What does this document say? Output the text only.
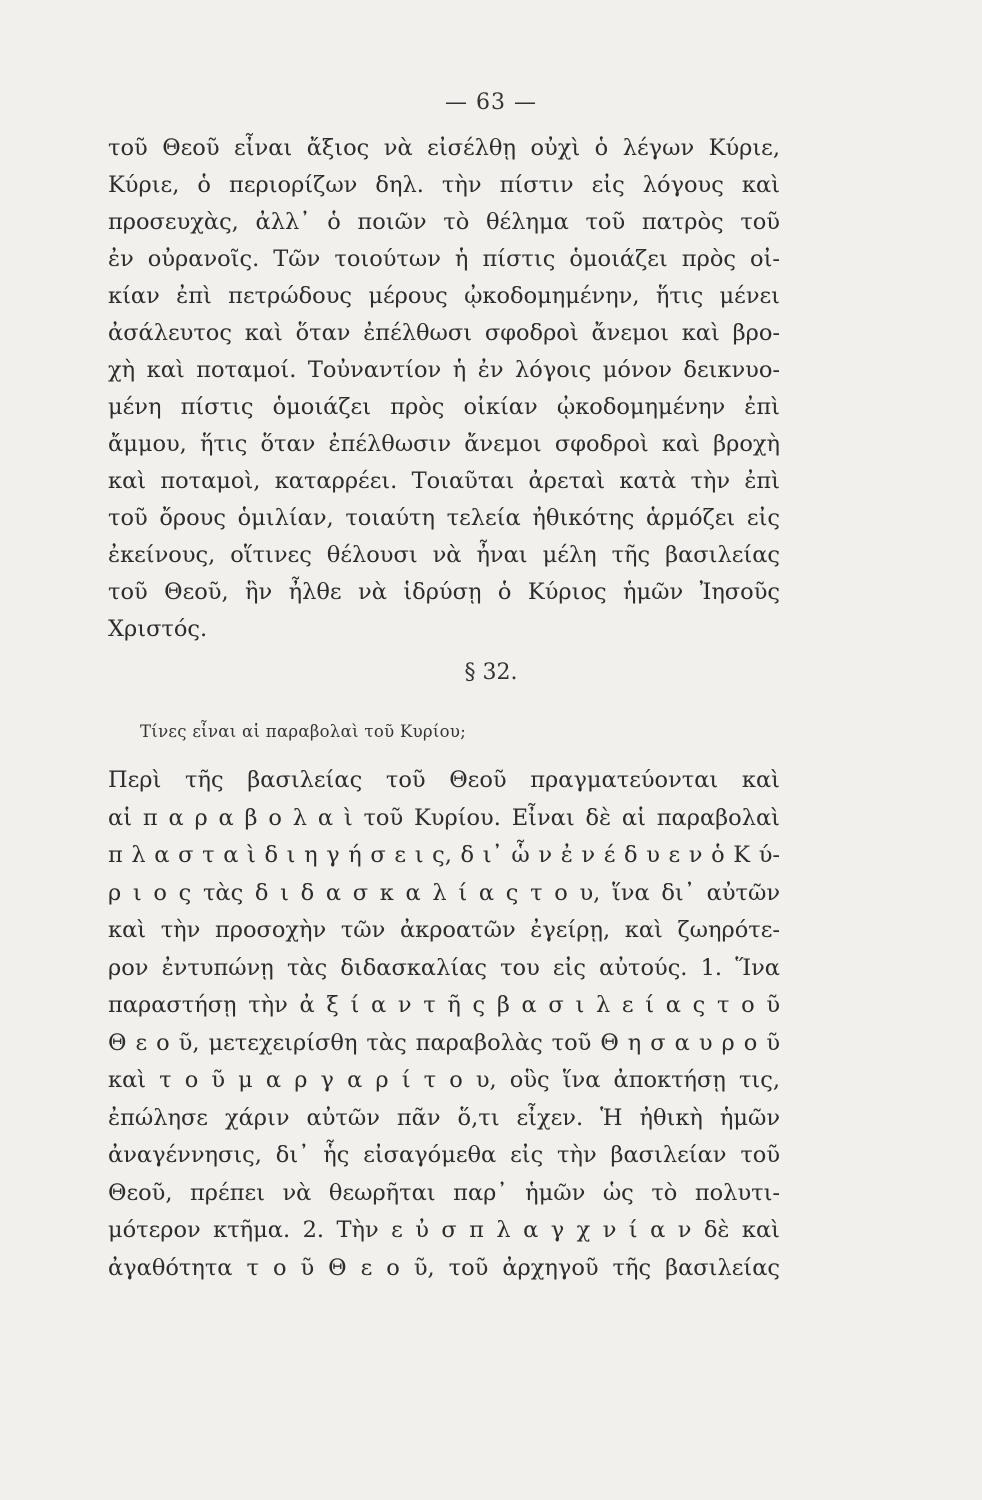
— 63 —
τοῦ Θεοῦ εἶναι ἄξιος νὰ εἰσέλθῃ οὐχὶ ὁ λέγων Κύριε,
Κύριε, ὁ περιορίζων δηλ. τὴν πίστιν εἰς λόγους καὶ
προσευχὰς, ἀλλ᾽ ὁ ποιῶν τὸ θέλημα τοῦ πατρὸς τοῦ
ἐν οὐρανοῖς. Τῶν τοιούτων ἡ πίστις ὁμοιάζει πρὸς οἰ-
κίαν ἐπὶ πετρώδους μέρους ᾠκοδομημένην, ἥτις μένει
ἀσάλευτος καὶ ὅταν ἐπέλθωσι σφοδροὶ ἄνεμοι καὶ βρο-
χὴ καὶ ποταμοί. Τοὐναντίον ἡ ἐν λόγοις μόνον δεικνυο-
μένη πίστις ὁμοιάζει πρὸς οἰκίαν ᾠκοδομημένην ἐπὶ
ἄμμου, ἥτις ὅταν ἐπέλθωσιν ἄνεμοι σφοδροὶ καὶ βροχὴ
καὶ ποταμοὶ, καταρρέει. Τοιαῦται ἀρεταὶ κατὰ τὴν ἐπὶ
τοῦ ὄρους ὁμιλίαν, τοιαύτη τελεία ἠθικότης ἁρμόζει εἰς
ἐκείνους, οἵτινες θέλουσι νὰ ἦναι μέλη τῆς βασιλείας
τοῦ Θεοῦ, ἣν ἦλθε νὰ ἱδρύσῃ ὁ Κύριος ἡμῶν Ἰησοῦς
Χριστός.
§ 32.
Τίνες εἶναι αἱ παραβολαὶ τοῦ Κυρίου;
Περὶ τῆς βασιλείας τοῦ Θεοῦ πραγματεύονται καὶ
αἱ π α ρ α β ο λ α ὶ τοῦ Κυρίου. Εἶναι δὲ αἱ παραβολαὶ
π λ α σ τ α ὶ δ ι η γ ή σ ε ι ς, δ ι᾽ ὧ ν ἐ ν έ δ υ ε ν ὁ Κ ύ-
ρ ι ο ς τὰς δ ι δ α σ κ α λ ί α ς τ ο υ, ἵνα δι᾽ αὐτῶν
καὶ τὴν προσοχὴν τῶν ἀκροατῶν ἐγείρῃ, καὶ ζωηρότε-
ρον ἐντυπώνῃ τὰς διδασκαλίας του εἰς αὐτούς. 1. Ἵνα
παραστήσῃ τὴν ἀ ξ ί α ν τ ῆ ς β α σ ι λ ε ί α ς τ ο ῦ
Θ ε ο ῦ, μετεχειρίσθη τὰς παραβολὰς τοῦ Θ η σ α υ ρ ο ῦ
καὶ τ ο ῦ μ α ρ γ α ρ ί τ ο υ, οὓς ἵνα ἀποκτήσῃ τις,
ἐπώλησε χάριν αὐτῶν πᾶν ὅ,τι εἶχεν. Ἡ ἠθικὴ ἡμῶν
ἀναγέννησις, δι᾽ ἧς εἰσαγόμεθα εἰς τὴν βασιλείαν τοῦ
Θεοῦ, πρέπει νὰ θεωρῆται παρ᾽ ἡμῶν ὡς τὸ πολυτι-
μότερον κτῆμα. 2. Τὴν ε ὐ σ π λ α γ χ ν ί α ν δὲ καὶ
ἀγαθότητα τ ο ῦ Θ ε ο ῦ, τοῦ ἀρχηγοῦ τῆς βασιλείας
